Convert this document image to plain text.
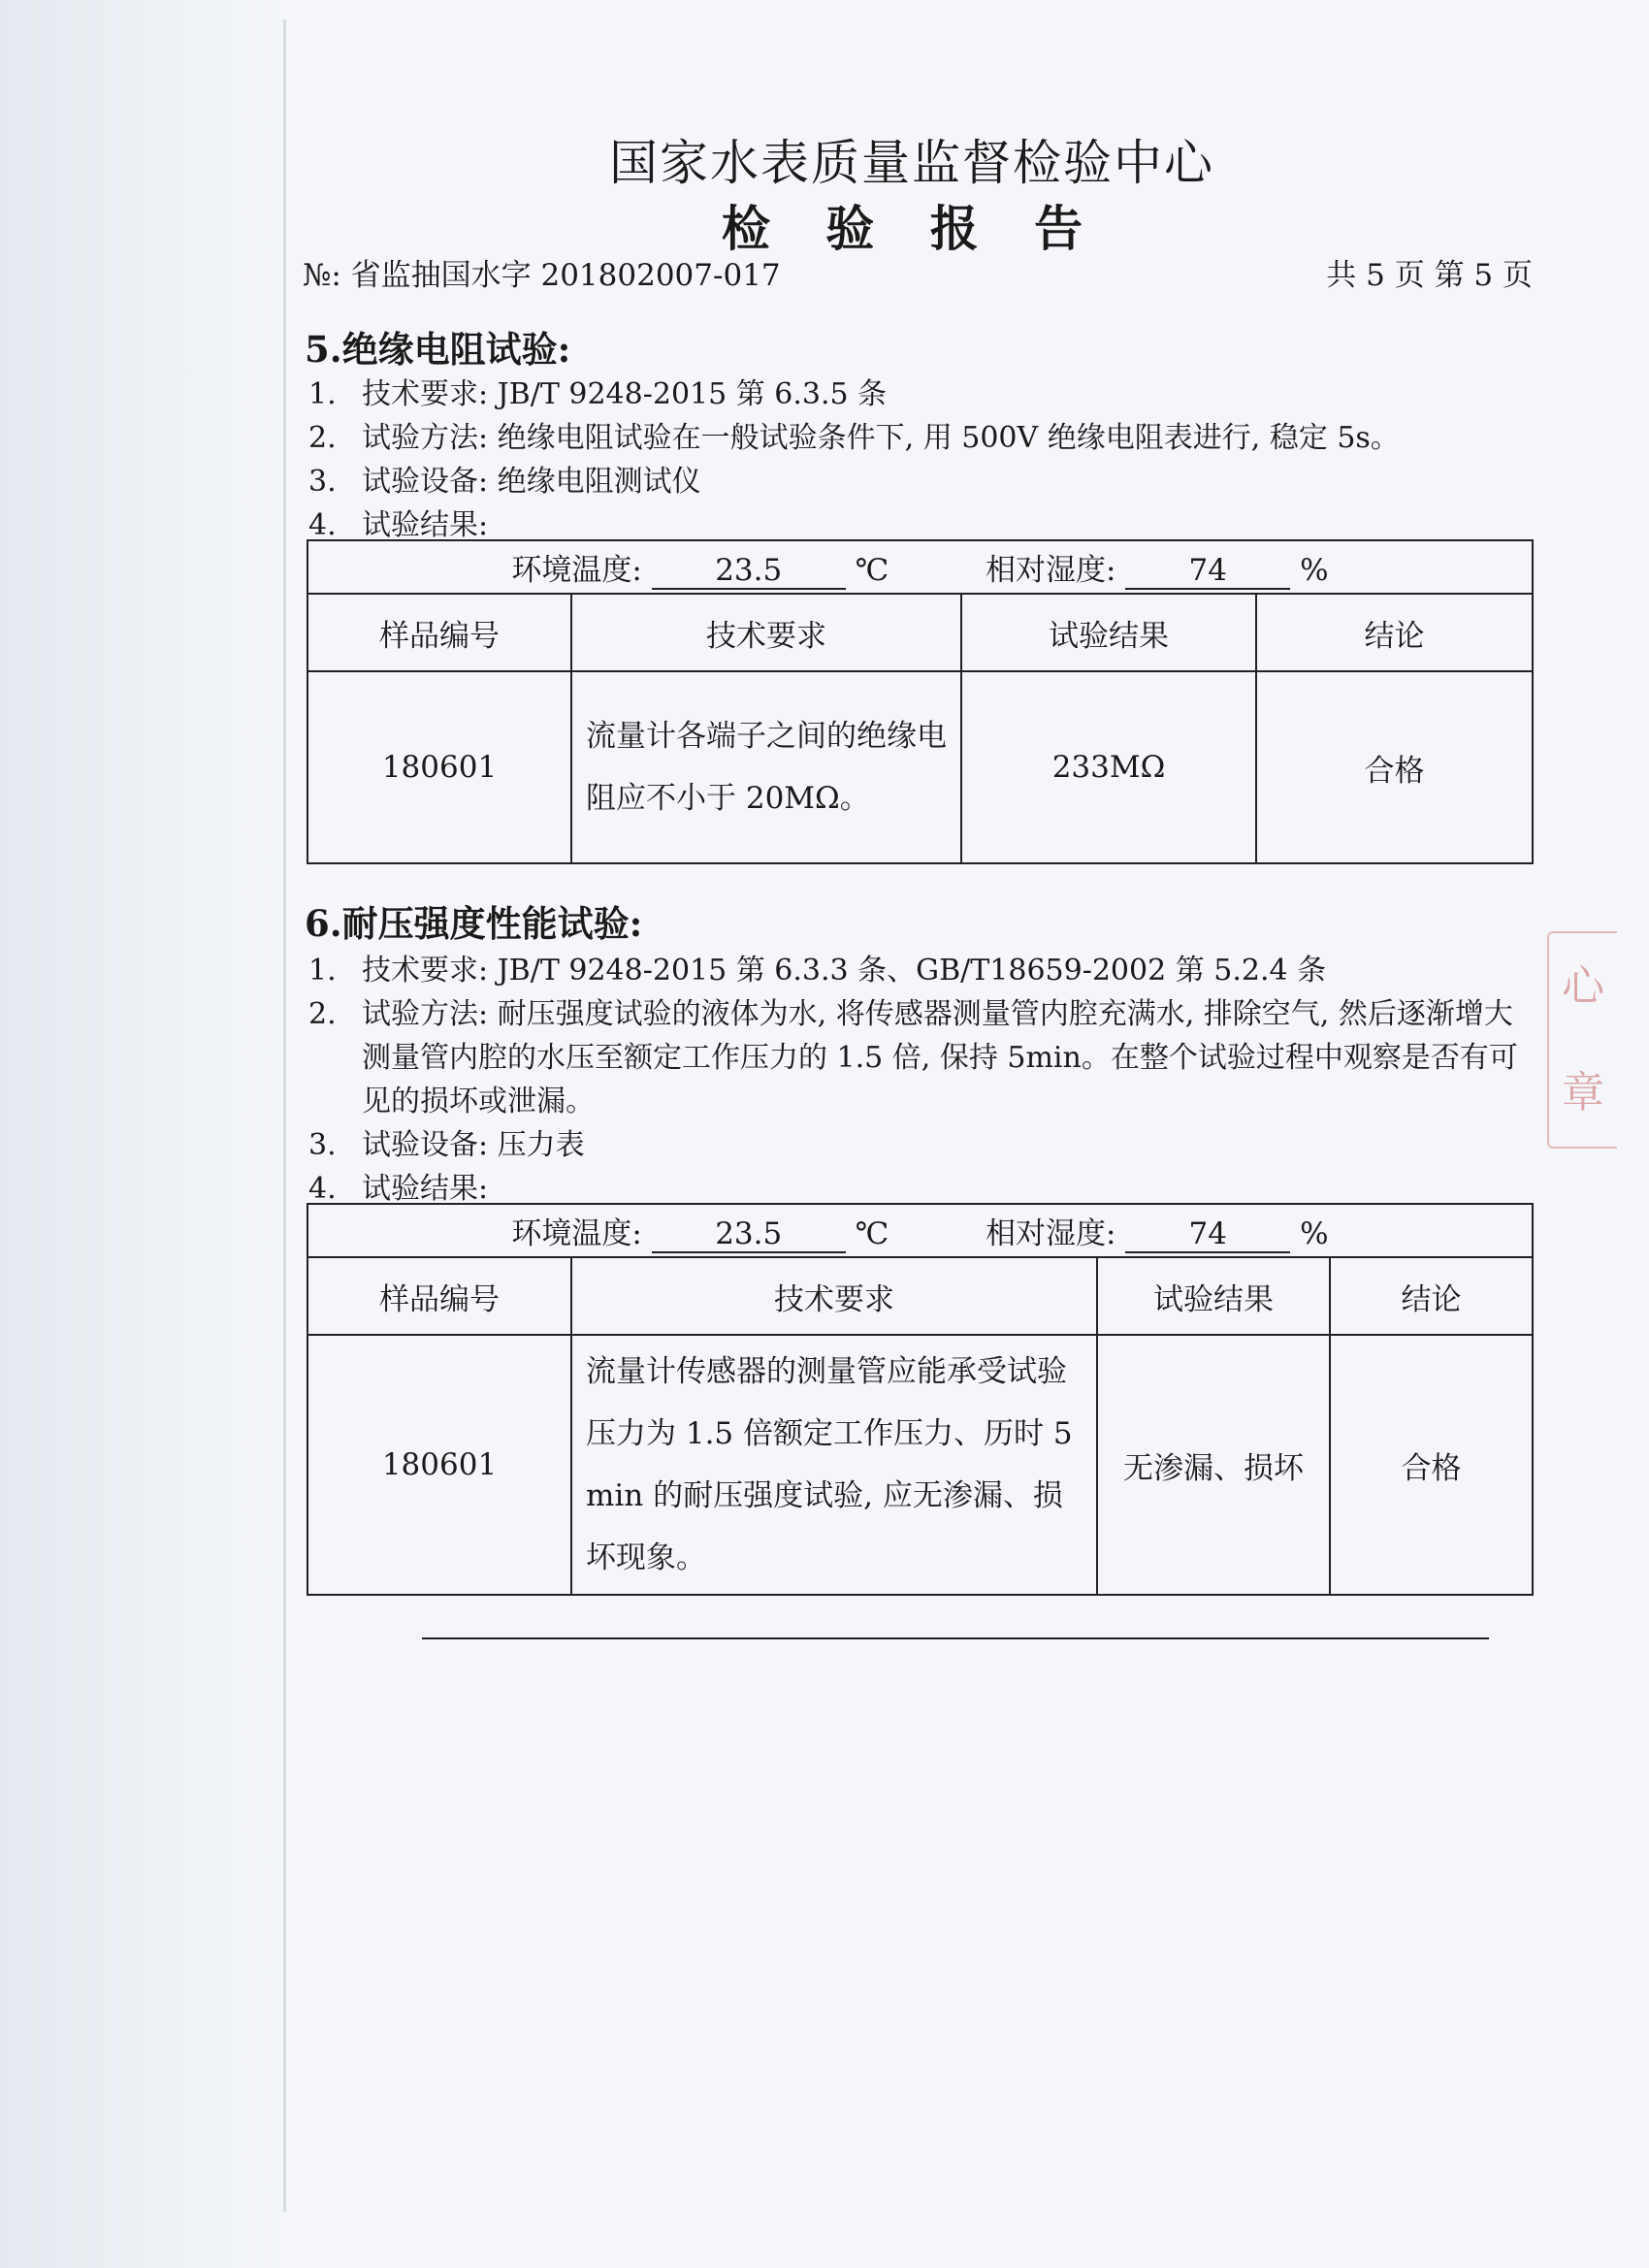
心
章
国家水表质量监督检验中心
检 验 报 告
№: 省监抽国水字 201802007-017	共 5 页 第 5 页
5.绝缘电阻试验:
1. 技术要求: JB/T 9248-2015 第 6.3.5 条
2. 试验方法: 绝缘电阻试验在一般试验条件下, 用 500V 绝缘电阻表进行, 稳定 5s。
3. 试验设备: 绝缘电阻测试仪
4. 试验结果:
环境温度: 23.5 ℃ 相对湿度: 74 %			
样品编号	技术要求	试验结果	结论
180601	流量计各端子之间的绝缘电阻应不小于 20MΩ。	233MΩ	合格
6.耐压强度性能试验:
1. 技术要求: JB/T 9248-2015 第 6.3.3 条、GB/T18659-2002 第 5.2.4 条
2. 试验方法: 耐压强度试验的液体为水, 将传感器测量管内腔充满水, 排除空气, 然后逐渐增大测量管内腔的水压至额定工作压力的 1.5 倍, 保持 5min。在整个试验过程中观察是否有可见的损坏或泄漏。
3. 试验设备: 压力表
4. 试验结果:
环境温度: 23.5 ℃ 相对湿度: 74 %			
样品编号	技术要求	试验结果	结论
180601	流量计传感器的测量管应能承受试验压力为 1.5 倍额定工作压力、历时 5 min 的耐压强度试验, 应无渗漏、损坏现象。	无渗漏、损坏	合格
